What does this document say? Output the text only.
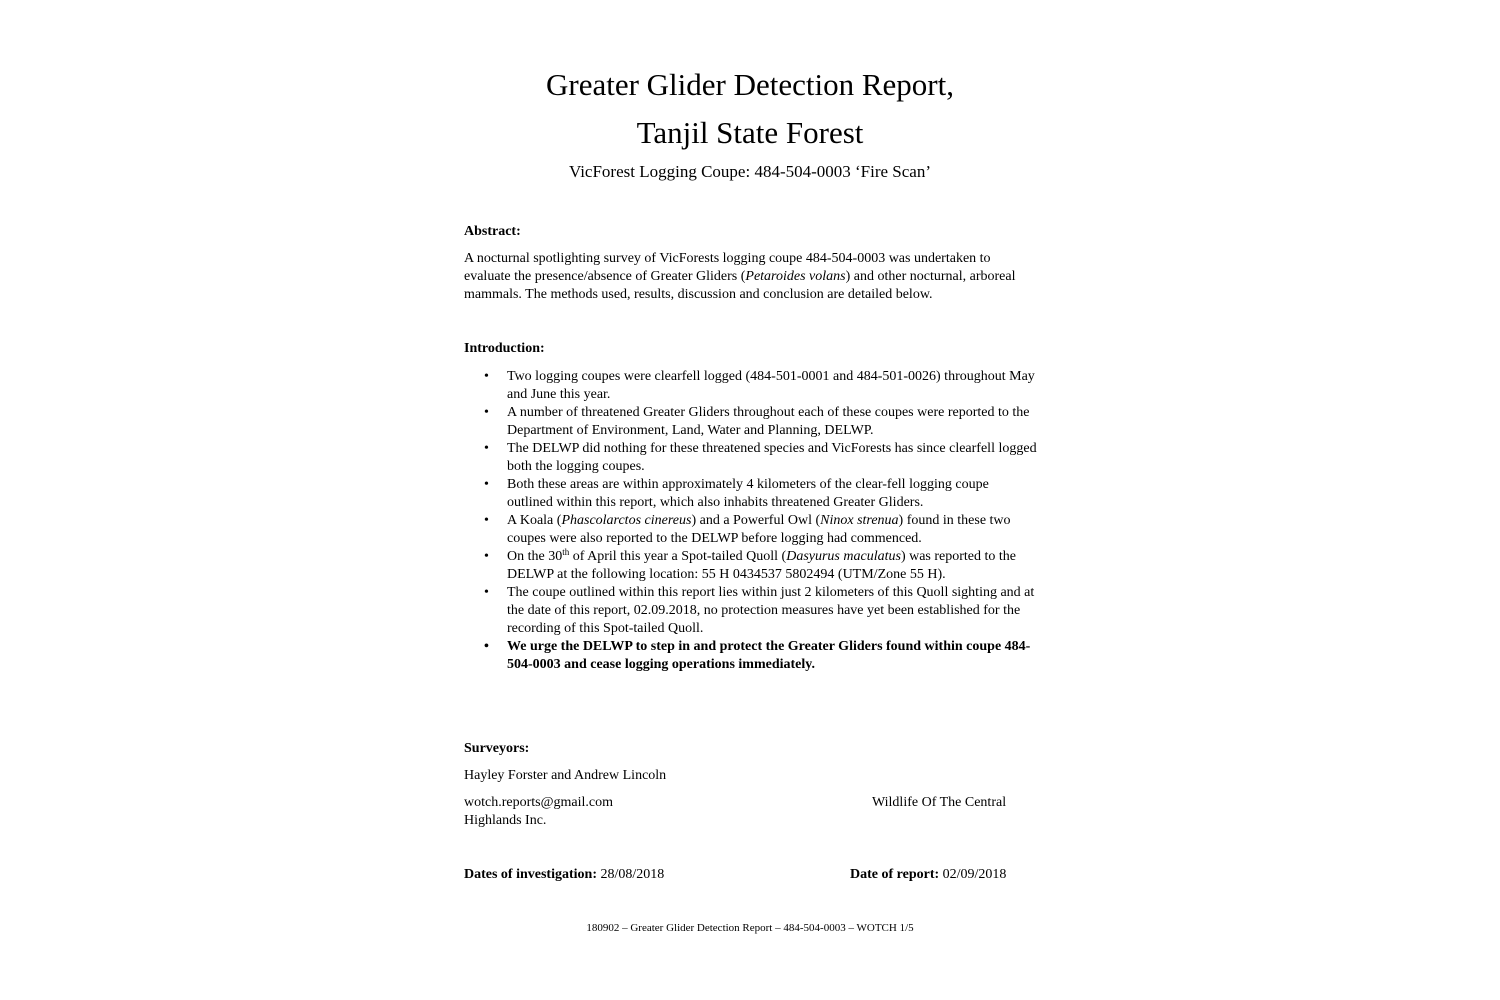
Greater Glider Detection Report,
Tanjil State Forest
VicForest Logging Coupe: 484-504-0003 ‘Fire Scan’
Abstract:
A nocturnal spotlighting survey of VicForests logging coupe 484-504-0003 was undertaken to evaluate the presence/absence of Greater Gliders (Petaroides volans) and other nocturnal, arboreal mammals. The methods used, results, discussion and conclusion are detailed below.
Introduction:
• Two logging coupes were clearfell logged (484-501-0001 and 484-501-0026) throughout May and June this year.
• A number of threatened Greater Gliders throughout each of these coupes were reported to the Department of Environment, Land, Water and Planning, DELWP.
• The DELWP did nothing for these threatened species and VicForests has since clearfell logged both the logging coupes.
• Both these areas are within approximately 4 kilometers of the clear-fell logging coupe outlined within this report, which also inhabits threatened Greater Gliders.
• A Koala (Phascolarctos cinereus) and a Powerful Owl (Ninox strenua) found in these two coupes were also reported to the DELWP before logging had commenced.
• On the 30th of April this year a Spot-tailed Quoll (Dasyurus maculatus) was reported to the DELWP at the following location: 55 H 0434537 5802494 (UTM/Zone 55 H).
• The coupe outlined within this report lies within just 2 kilometers of this Quoll sighting and at the date of this report, 02.09.2018, no protection measures have yet been established for the recording of this Spot-tailed Quoll.
• We urge the DELWP to step in and protect the Greater Gliders found within coupe 484-504-0003 and cease logging operations immediately.
Surveyors:
Hayley Forster and Andrew Lincoln
wotch.reports@gmail.com	Wildlife Of The Central
Highlands Inc.
Dates of investigation: 28/08/2018	Date of report: 02/09/2018
180902 – Greater Glider Detection Report – 484-504-0003 – WOTCH 1/5
